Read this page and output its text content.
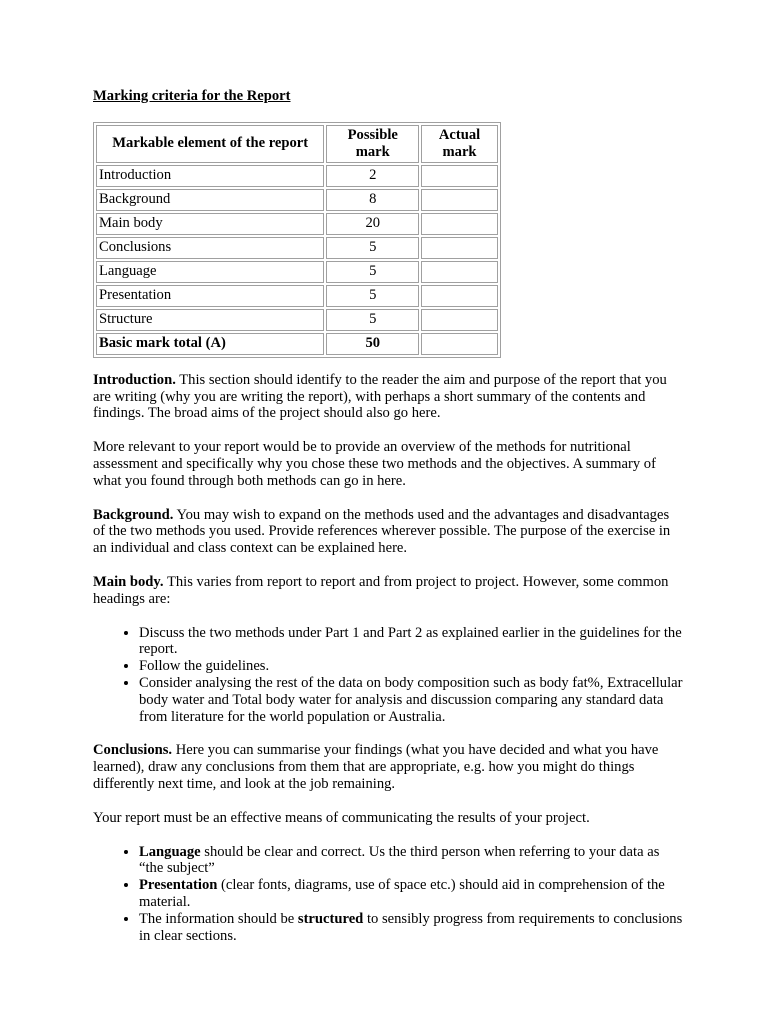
Marking criteria for the Report
Markable element of the report	Possible mark	Actual mark
Introduction	2	
Background	8	
Main body	20	
Conclusions	5	
Language	5	
Presentation	5	
Structure	5	
Basic mark total (A)	50	

Introduction. This section should identify to the reader the aim and purpose of the report that you are writing (why you are writing the report), with perhaps a short summary of the contents and findings. The broad aims of the project should also go here.

More relevant to your report would be to provide an overview of the methods for nutritional assessment and specifically why you chose these two methods and the objectives. A summary of what you found through both methods can go in here.

Background. You may wish to expand on the methods used and the advantages and disadvantages of the two methods you used. Provide references wherever possible. The purpose of the exercise in an individual and class context can be explained here.

Main body. This varies from report to report and from project to project. However, some common headings are:

• Discuss the two methods under Part 1 and Part 2 as explained earlier in the guidelines for the report.
• Follow the guidelines.
• Consider analysing the rest of the data on body composition such as body fat%, Extracellular body water and Total body water for analysis and discussion comparing any standard data from literature for the world population or Australia.

Conclusions. Here you can summarise your findings (what you have decided and what you have learned), draw any conclusions from them that are appropriate, e.g. how you might do things differently next time, and look at the job remaining.

Your report must be an effective means of communicating the results of your project.

• Language should be clear and correct. Us the third person when referring to your data as “the subject”
• Presentation (clear fonts, diagrams, use of space etc.) should aid in comprehension of the material.
• The information should be structured to sensibly progress from requirements to conclusions in clear sections.
